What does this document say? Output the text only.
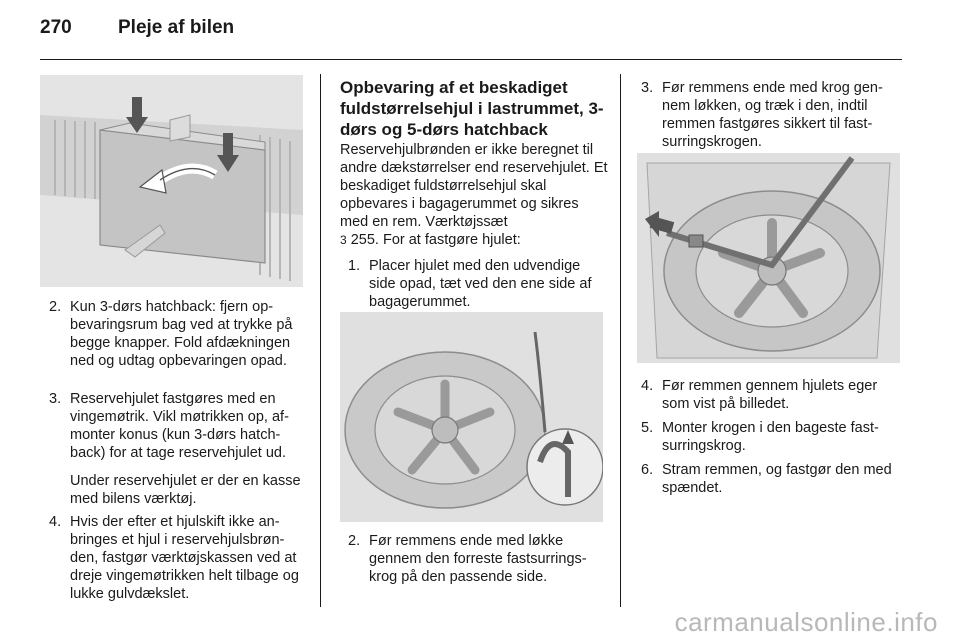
270 Pleje af bilen
2. Kun 3-dørs hatchback: fjern opbevaringsrum bag ved at trykke på begge knapper. Fold afdækningen ned og udtag opbevaringen opad.
3. Reservehjulet fastgøres med en vingemøtrik. Vikl møtrikken op, afmonter konus (kun 3-dørs hatchback) for at tage reservehjulet ud.
Under reservehjulet er der en kasse med bilens værktøj.
4. Hvis der efter et hjulskift ikke anbringes et hjul i reservehjulsbrønden, fastgør værktøjskassen ved at dreje vingemøtrikken helt tilbage og lukke gulvdækslet.
Opbevaring af et beskadiget fuldstørrelsehjul i lastrummet, 3-dørs og 5-dørs hatchback
Reservehjulbrønden er ikke beregnet til andre dækstørrelser end reservehjulet. Et beskadiget fuldstørrelsehjul skal opbevares i bagagerummet og sikres med en rem. Værktøjssæt
3 255. For at fastgøre hjulet:
1. Placer hjulet med den udvendige side opad, tæt ved den ene side af bagagerummet.
2. Før remmens ende med løkke gennem den forreste fastsurringskrog på den passende side.
3. Før remmens ende med krog gennem løkken, og træk i den, indtil remmen fastgøres sikkert til fastsurringskrogen.
4. Før remmen gennem hjulets eger som vist på billedet.
5. Monter krogen i den bageste fastsurringskrog.
6. Stram remmen, og fastgør den med spændet.
carmanualsonline.info
